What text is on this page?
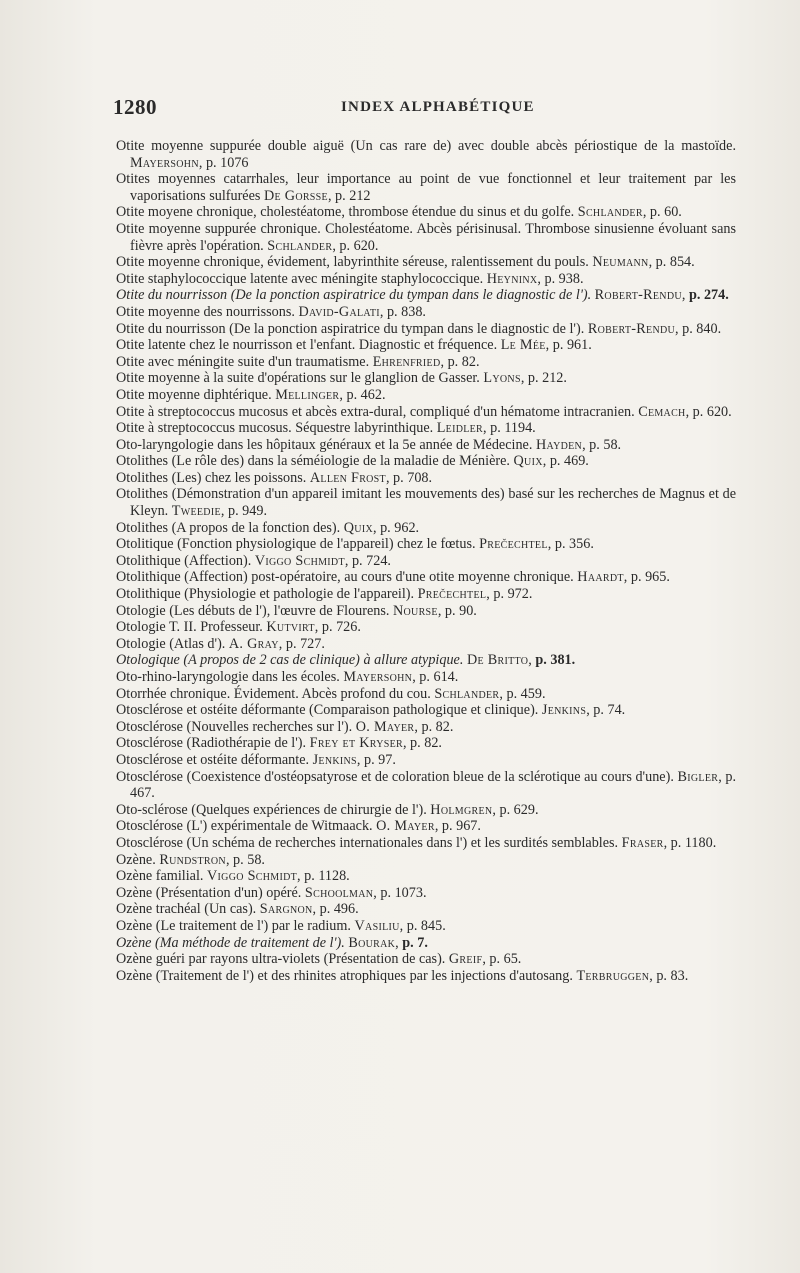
1280	INDEX ALPHABÉTIQUE

Otite moyenne suppurée double aiguë (Un cas rare de) avec double abcès périostique de la mastoïde. Mayersohn, p. 1076

Otites moyennes catarrhales, leur importance au point de vue fonctionnel et leur traitement par les vaporisations sulfurées De Gorsse, p. 212

Otite moyene chronique, cholestéatome, thrombose étendue du sinus et du golfe. Schlander, p. 60.

Otite moyenne suppurée chronique. Cholestéatome. Abcès périsinusal. Thrombose sinusienne évoluant sans fièvre après l'opération. Schlander, p. 620.

Otite moyenne chronique, évidement, labyrinthite séreuse, ralentissement du pouls. Neumann, p. 854.

Otite staphylococcique latente avec méningite staphylococcique. Heyninx, p. 938.

Otite du nourrisson (De la ponction aspiratrice du tympan dans le diagnostic de l'). Robert-Rendu, p. 274.

Otite moyenne des nourrissons. David-Galati, p. 838.

Otite du nourrisson (De la ponction aspiratrice du tympan dans le diagnostic de l'). Robert-Rendu, p. 840.

Otite latente chez le nourrisson et l'enfant. Diagnostic et fréquence. Le Mée, p. 961.

Otite avec méningite suite d'un traumatisme. Ehrenfried, p. 82.

Otite moyenne à la suite d'opérations sur le glanglion de Gasser. Lyons, p. 212.

Otite moyenne diphtérique. Mellinger, p. 462.

Otite à streptococcus mucosus et abcès extra-dural, compliqué d'un hématome intracranien. Cemach, p. 620.

Otite à streptococcus mucosus. Séquestre labyrinthique. Leidler, p. 1194.

Oto-laryngologie dans les hôpitaux généraux et la 5e année de Médecine. Hayden, p. 58.

Otolithes (Le rôle des) dans la séméiologie de la maladie de Ménière. Quix, p. 469.

Otolithes (Les) chez les poissons. Allen Frost, p. 708.

Otolithes (Démonstration d'un appareil imitant les mouvements des) basé sur les recherches de Magnus et de Kleyn. Tweedie, p. 949.

Otolithes (A propos de la fonction des). Quix, p. 962.

Otolitique (Fonction physiologique de l'appareil) chez le fœtus. Prečechtel, p. 356.

Otolithique (Affection). Viggo Schmidt, p. 724.

Otolithique (Affection) post-opératoire, au cours d'une otite moyenne chronique. Haardt, p. 965.

Otolithique (Physiologie et pathologie de l'appareil). Prečechtel, p. 972.

Otologie (Les débuts de l'), l'œuvre de Flourens. Nourse, p. 90.

Otologie T. II. Professeur. Kutvirt, p. 726.

Otologie (Atlas d'). A. Gray, p. 727.

Otologique (A propos de 2 cas de clinique) à allure atypique. De Britto, p. 381.

Oto-rhino-laryngologie dans les écoles. Mayersohn, p. 614.

Otorrhée chronique. Évidement. Abcès profond du cou. Schlander, p. 459.

Otosclérose et ostéite déformante (Comparaison pathologique et clinique). Jenkins, p. 74.

Otosclérose (Nouvelles recherches sur l'). O. Mayer, p. 82.

Otosclérose (Radiothérapie de l'). Frey et Kryser, p. 82.

Otosclérose et ostéite déformante. Jenkins, p. 97.

Otosclérose (Coexistence d'ostéopsatyrose et de coloration bleue de la sclérotique au cours d'une). Bigler, p. 467.

Oto-sclérose (Quelques expériences de chirurgie de l'). Holmgren, p. 629.

Otosclérose (L') expérimentale de Witmaack. O. Mayer, p. 967.

Otosclérose (Un schéma de recherches internationales dans l') et les surdités semblables. Fraser, p. 1180.

Ozène. Rundstron, p. 58.

Ozène familial. Viggo Schmidt, p. 1128.

Ozène (Présentation d'un) opéré. Schoolman, p. 1073.

Ozène trachéal (Un cas). Sargnon, p. 496.

Ozène (Le traitement de l') par le radium. Vasiliu, p. 845.

Ozène (Ma méthode de traitement de l'). Bourak, p. 7.

Ozène guéri par rayons ultra-violets (Présentation de cas). Greif, p. 65.

Ozène (Traitement de l') et des rhinites atrophiques par les injections d'autosang. Terbruggen, p. 83.
